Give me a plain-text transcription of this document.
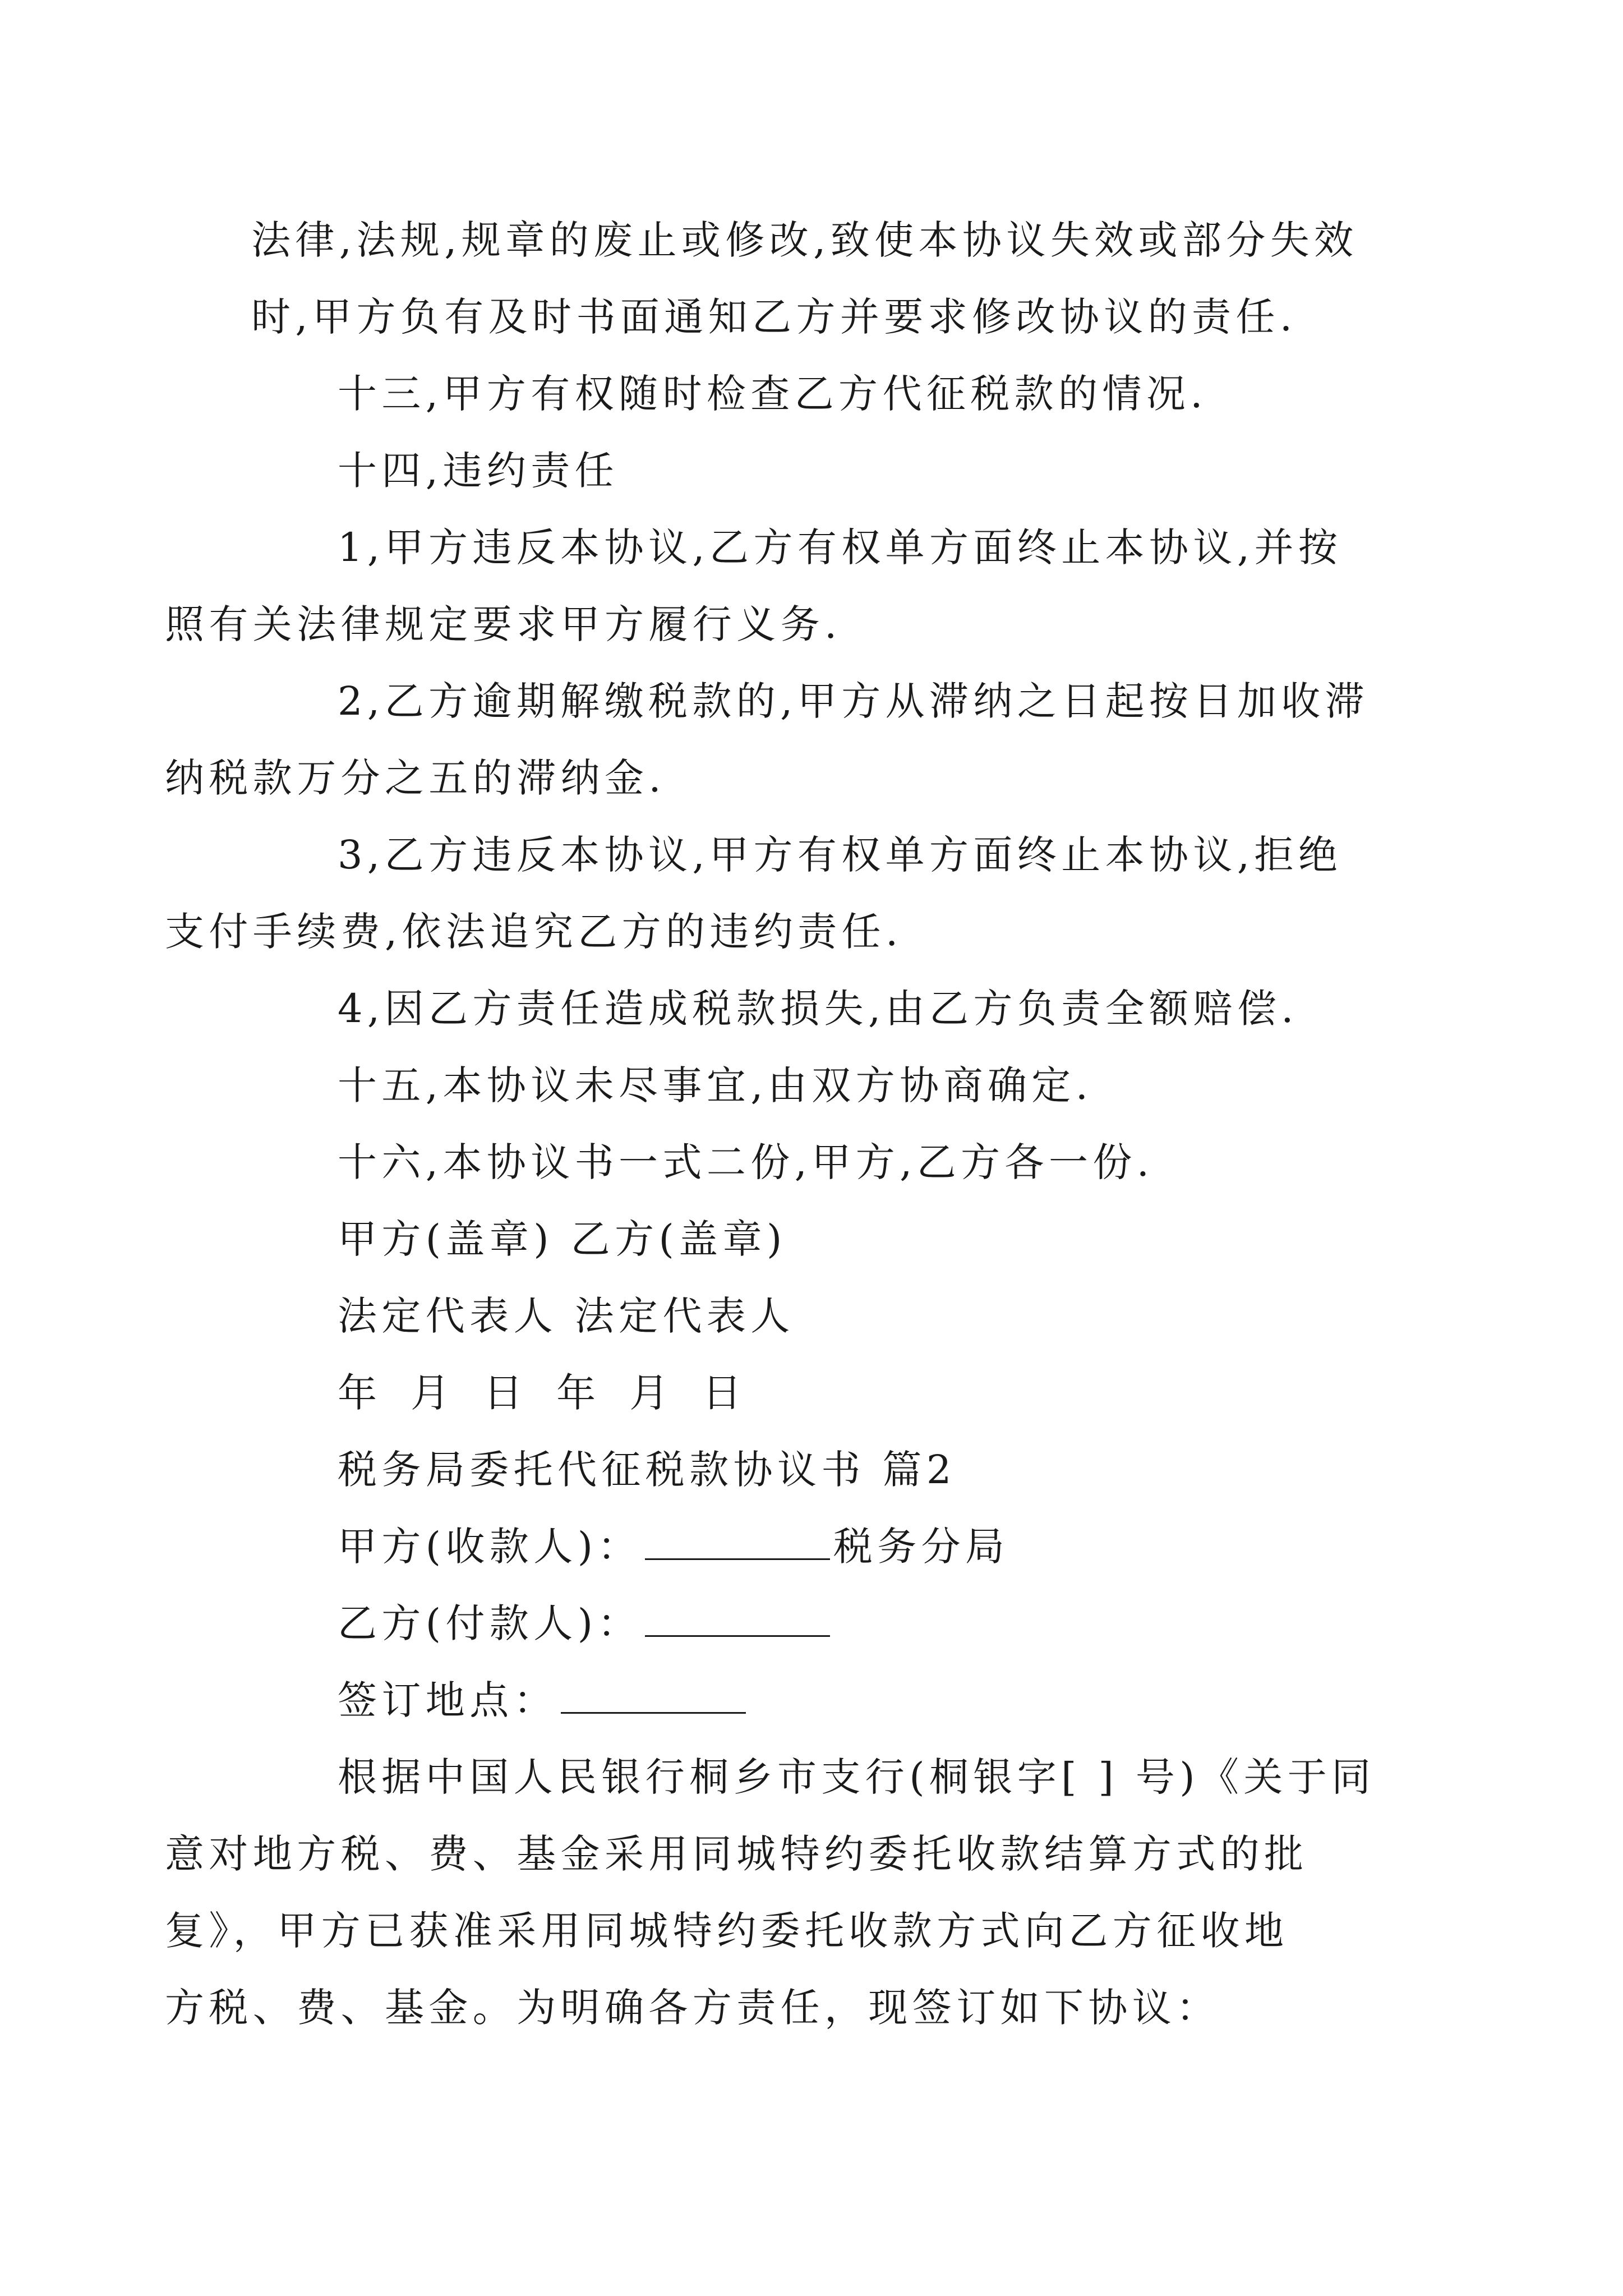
法律,法规,规章的废止或修改,致使本协议失效或部分失效
时,甲方负有及时书面通知乙方并要求修改协议的责任.

十三,甲方有权随时检查乙方代征税款的情况.

十四,违约责任

1,甲方违反本协议,乙方有权单方面终止本协议,并按
照有关法律规定要求甲方履行义务.

2,乙方逾期解缴税款的,甲方从滞纳之日起按日加收滞
纳税款万分之五的滞纳金.

3,乙方违反本协议,甲方有权单方面终止本协议,拒绝
支付手续费,依法追究乙方的违约责任.

4,因乙方责任造成税款损失,由乙方负责全额赔偿.

十五,本协议未尽事宜,由双方协商确定.

十六,本协议书一式二份,甲方,乙方各一份.

甲方(盖章) 乙方(盖章)

法定代表人 法定代表人

年 月 日 年 月 日

税务局委托代征税款协议书 篇2

甲方(收款人)：	税务分局

乙方(付款人)：

签订地点：

根据中国人民银行桐乡市支行(桐银字[ ] 号)《关于同
意对地方税、费、基金采用同城特约委托收款结算方式的批
复》，甲方已获准采用同城特约委托收款方式向乙方征收地
方税、费、基金。为明确各方责任，现签订如下协议：
